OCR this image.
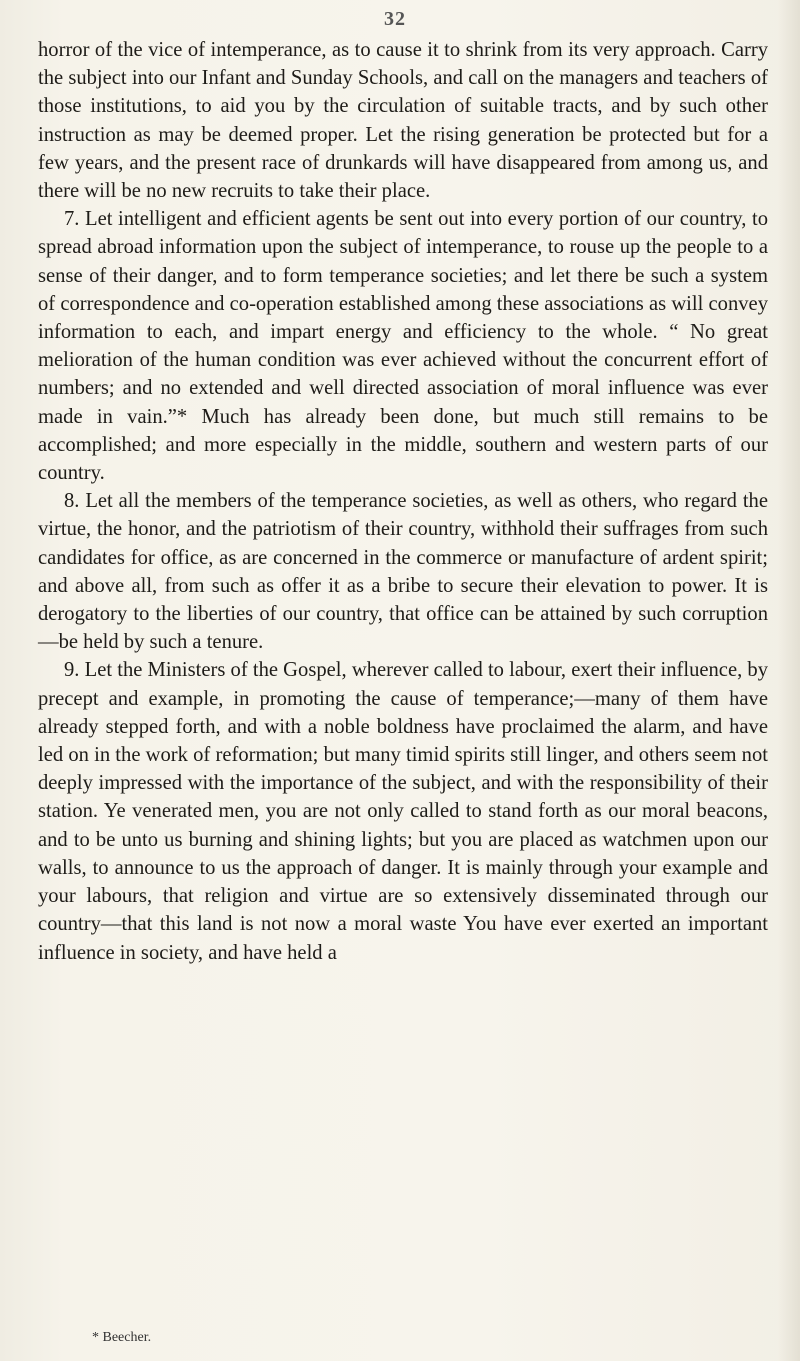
32

horror of the vice of intemperance, as to cause it to shrink from its very approach. Carry the subject into our Infant and Sunday Schools, and call on the managers and teachers of those institutions, to aid you by the circulation of suitable tracts, and by such other instruction as may be deemed proper. Let the rising generation be protected but for a few years, and the present race of drunkards will have disappeared from among us, and there will be no new recruits to take their place.

7. Let intelligent and efficient agents be sent out into every portion of our country, to spread abroad information upon the subject of intemperance, to rouse up the people to a sense of their danger, and to form temperance societies; and let there be such a system of correspondence and co-operation established among these associations as will convey information to each, and impart energy and efficiency to the whole. “ No great melioration of the human condition was ever achieved without the concurrent effort of numbers; and no extended and well directed association of moral influence was ever made in vain.”* Much has already been done, but much still remains to be accomplished; and more especially in the middle, southern and western parts of our country.

8. Let all the members of the temperance societies, as well as others, who regard the virtue, the honor, and the patriotism of their country, withhold their suffrages from such candidates for office, as are concerned in the commerce or manufacture of ardent spirit; and above all, from such as offer it as a bribe to secure their elevation to power. It is derogatory to the liberties of our country, that office can be attained by such corruption—be held by such a tenure.

9. Let the Ministers of the Gospel, wherever called to labour, exert their influence, by precept and example, in promoting the cause of temperance;—many of them have already stepped forth, and with a noble boldness have proclaimed the alarm, and have led on in the work of reformation; but many timid spirits still linger, and others seem not deeply impressed with the importance of the subject, and with the responsibility of their station. Ye venerated men, you are not only called to stand forth as our moral beacons, and to be unto us burning and shining lights; but you are placed as watchmen upon our walls, to announce to us the approach of danger. It is mainly through your example and your labours, that religion and virtue are so extensively disseminated through our country—that this land is not now a moral waste You have ever exerted an important influence in society, and have held a

* Beecher.
